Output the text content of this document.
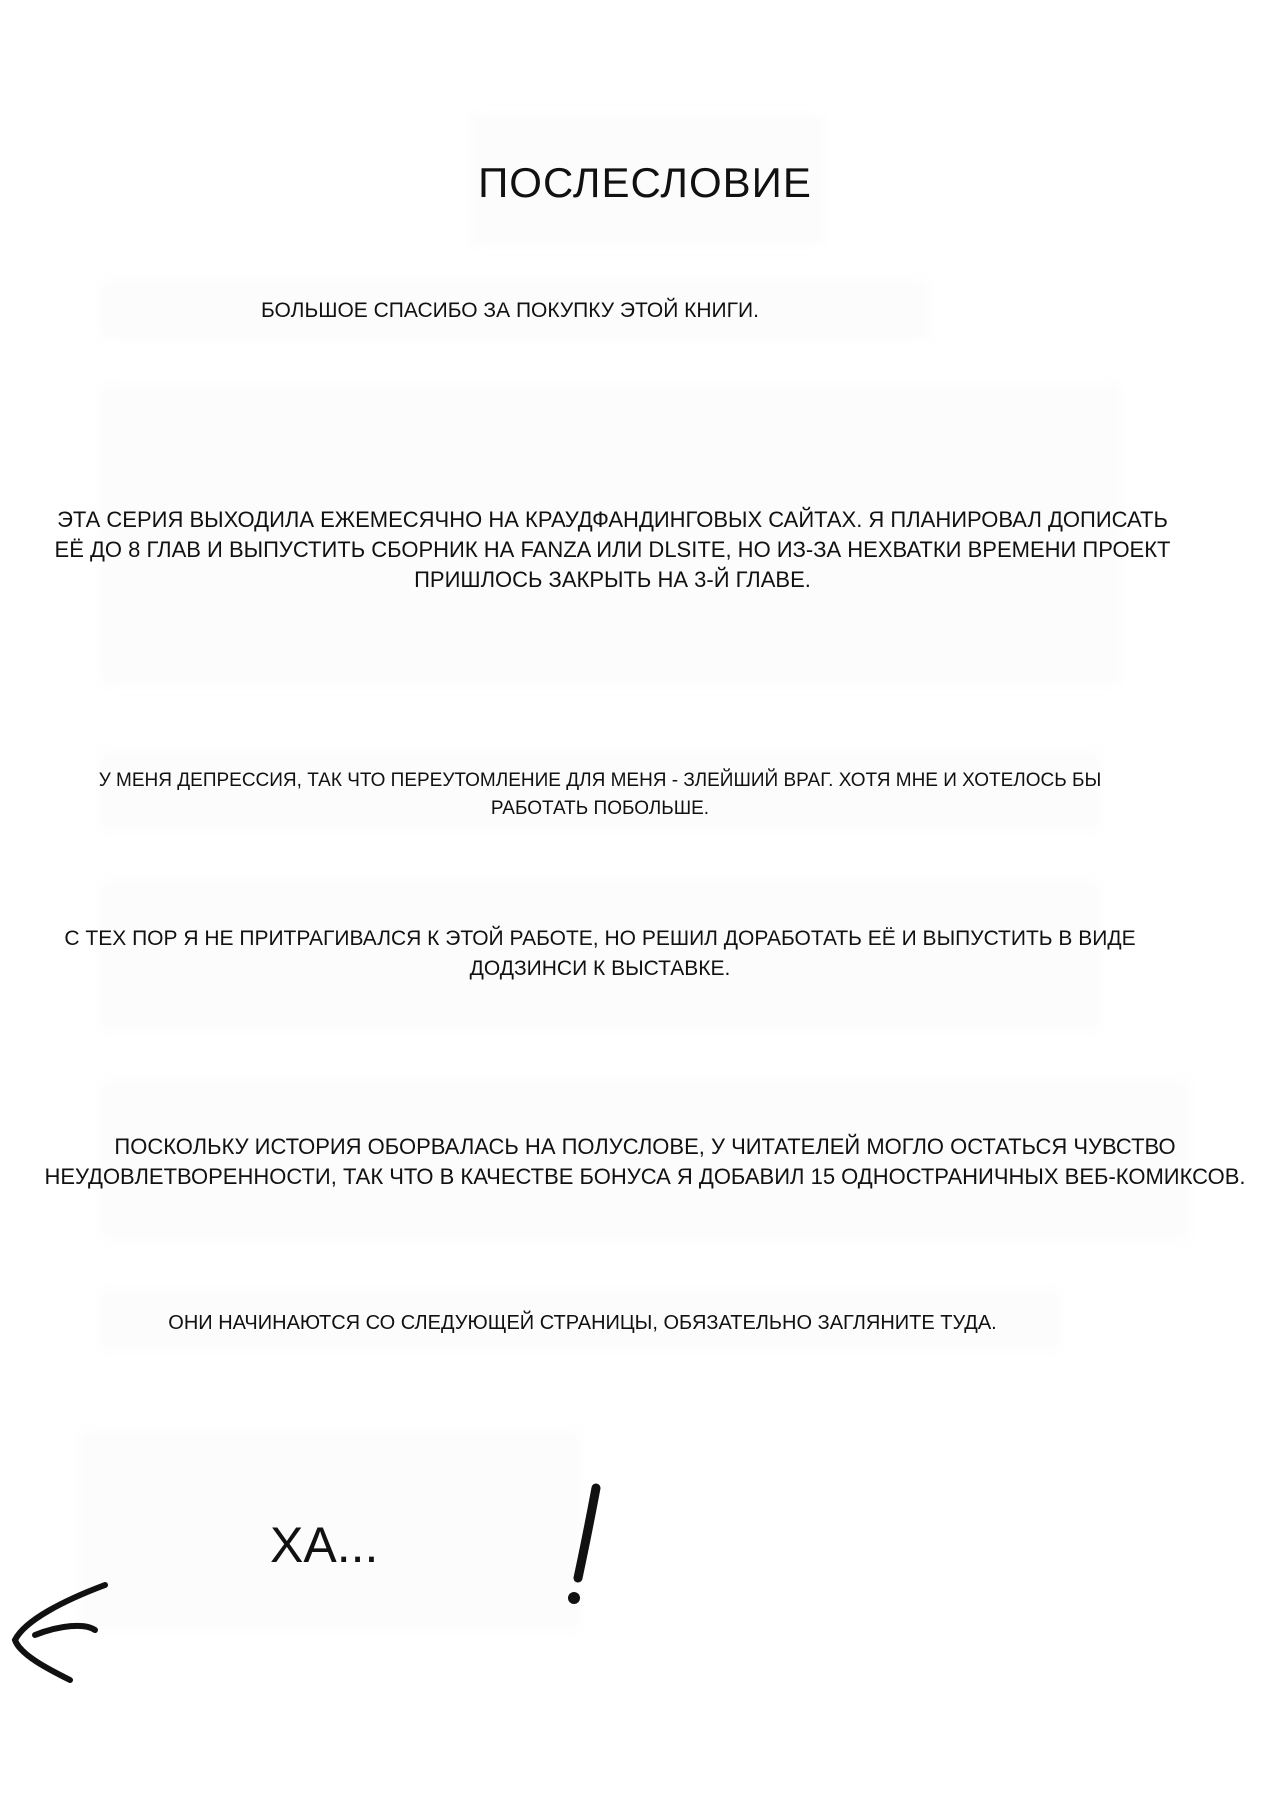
ПОСЛЕСЛОВИЕ
БОЛЬШОЕ СПАСИБО ЗА ПОКУПКУ ЭТОЙ КНИГИ.
ЭТА СЕРИЯ ВЫХОДИЛА ЕЖЕМЕСЯЧНО НА КРАУДФАНДИНГОВЫХ САЙТАХ. Я ПЛАНИРОВАЛ ДОПИСАТЬ
ЕЁ ДО 8 ГЛАВ И ВЫПУСТИТЬ СБОРНИК НА FANZA ИЛИ DLSITE, НО ИЗ-ЗА НЕХВАТКИ ВРЕМЕНИ ПРОЕКТ
ПРИШЛОСЬ ЗАКРЫТЬ НА 3-Й ГЛАВЕ.
У МЕНЯ ДЕПРЕССИЯ, ТАК ЧТО ПЕРЕУТОМЛЕНИЕ ДЛЯ МЕНЯ - ЗЛЕЙШИЙ ВРАГ. ХОТЯ МНЕ И ХОТЕЛОСЬ БЫ
РАБОТАТЬ ПОБОЛЬШЕ.
С ТЕХ ПОР Я НЕ ПРИТРАГИВАЛСЯ К ЭТОЙ РАБОТЕ, НО РЕШИЛ ДОРАБОТАТЬ ЕЁ И ВЫПУСТИТЬ В ВИДЕ
ДОДЗИНСИ К ВЫСТАВКЕ.
ПОСКОЛЬКУ ИСТОРИЯ ОБОРВАЛАСЬ НА ПОЛУСЛОВЕ, У ЧИТАТЕЛЕЙ МОГЛО ОСТАТЬСЯ ЧУВСТВО
НЕУДОВЛЕТВОРЕННОСТИ, ТАК ЧТО В КАЧЕСТВЕ БОНУСА Я ДОБАВИЛ 15 ОДНОСТРАНИЧНЫХ ВЕБ-КОМИКСОВ.
ОНИ НАЧИНАЮТСЯ СО СЛЕДУЮЩЕЙ СТРАНИЦЫ, ОБЯЗАТЕЛЬНО ЗАГЛЯНИТЕ ТУДА.
ХА...
